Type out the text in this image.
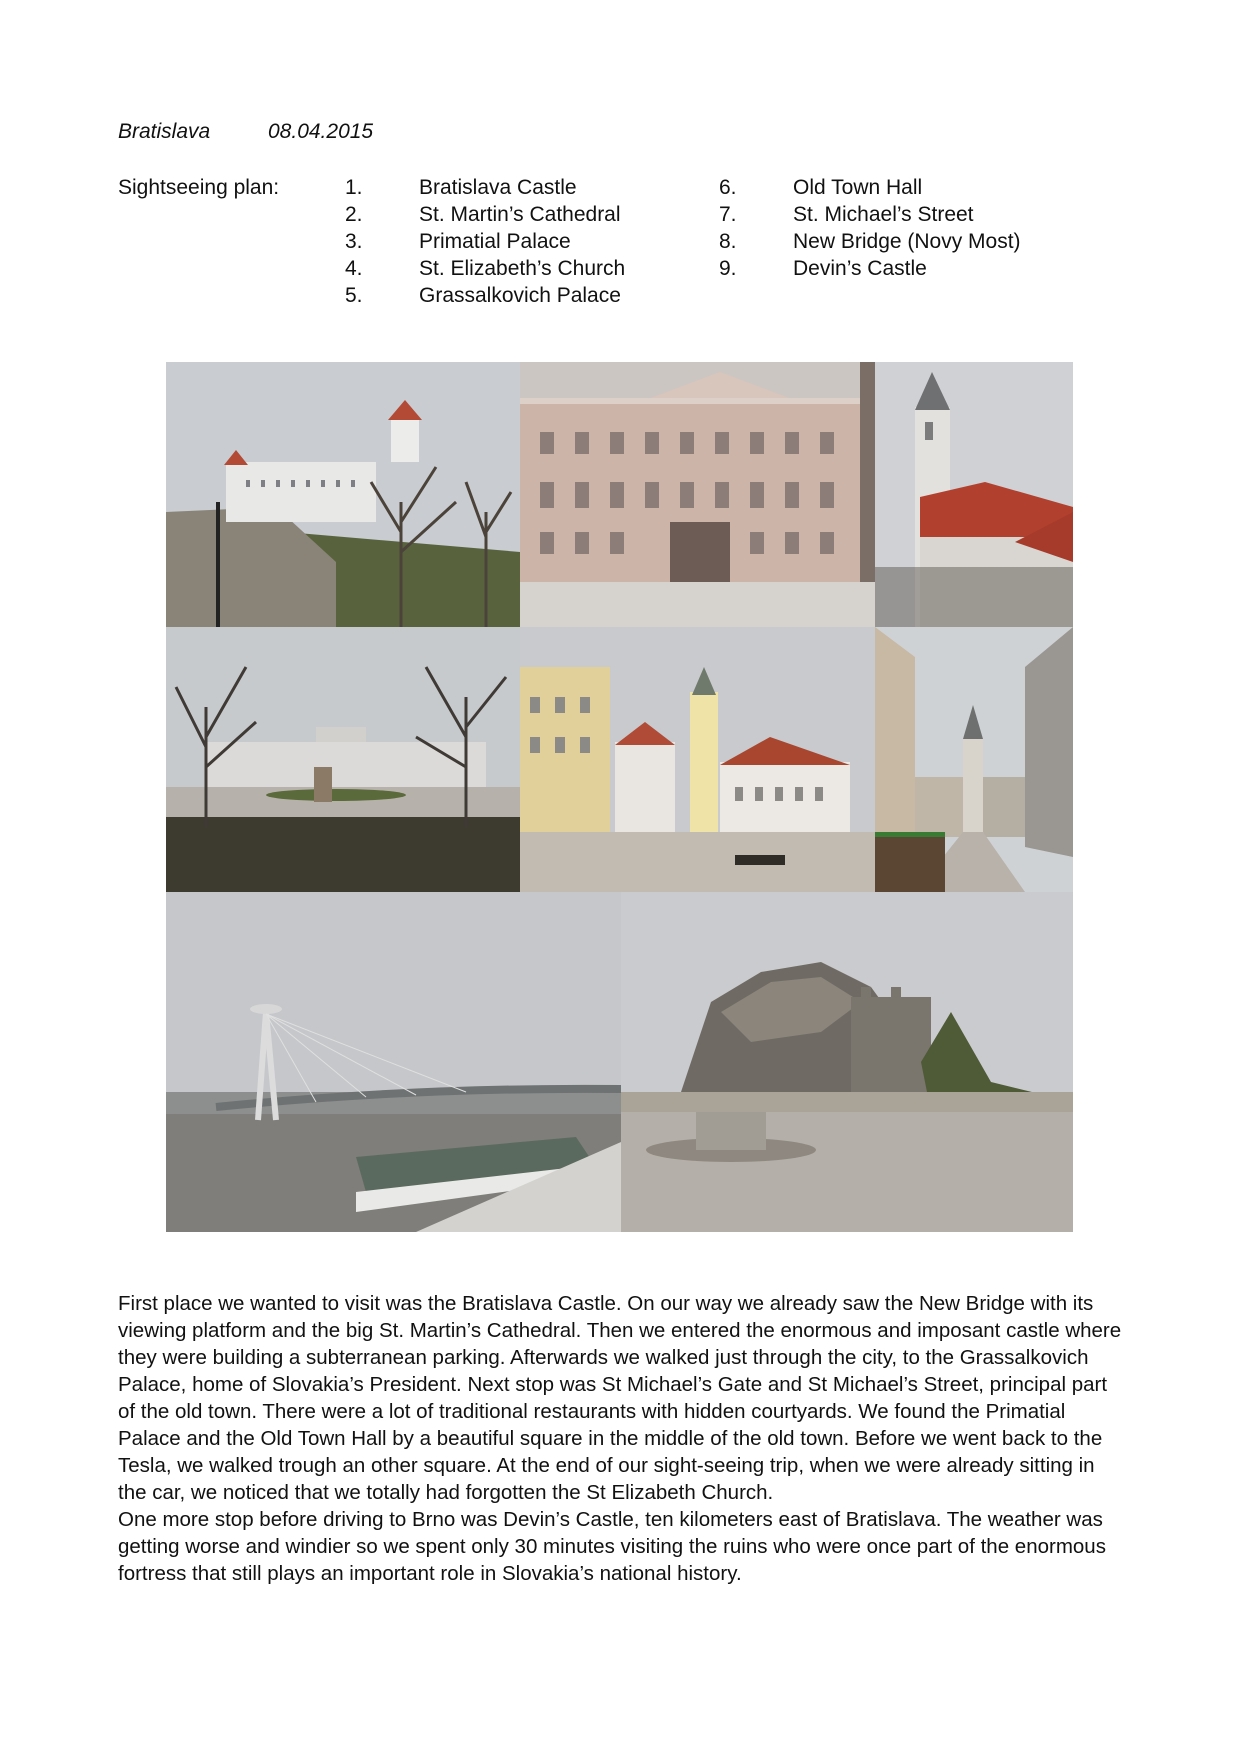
Bratislava	08.04.2015
Sightseeing plan:	1.	Bratislava Castle
2.	St. Martin’s Cathedral
3.	Primatial Palace
4.	St. Elizabeth’s Church
5.	Grassalkovich Palace
6.	Old Town Hall
7.	St. Michael’s Street
8.	New Bridge (Novy Most)
9.	Devin’s Castle

First place we wanted to visit was the Bratislava Castle. On our way we already saw the New Bridge with its viewing platform and the big St. Martin’s Cathedral. Then we entered the enormous and imposant castle where they were building a subterranean parking. Afterwards we walked just through the city, to the Grassalkovich Palace, home of Slovakia’s President. Next stop was St Michael’s Gate and St Michael’s Street, principal part of the old town. There were a lot of traditional restaurants with hidden courtyards. We found the Primatial Palace and the Old Town Hall by a beautiful square in the middle of the old town. Before we went back to the Tesla, we walked trough an other square. At the end of our sight-seeing trip, when we were already sitting in the car, we noticed that we totally had forgotten the St Elizabeth Church.

One more stop before driving to Brno was Devin’s Castle, ten kilometers east of Bratislava. The weather was getting worse and windier so we spent only 30 minutes visiting the ruins who were once part of the enormous fortress that still plays an important role in Slovakia’s national history.
